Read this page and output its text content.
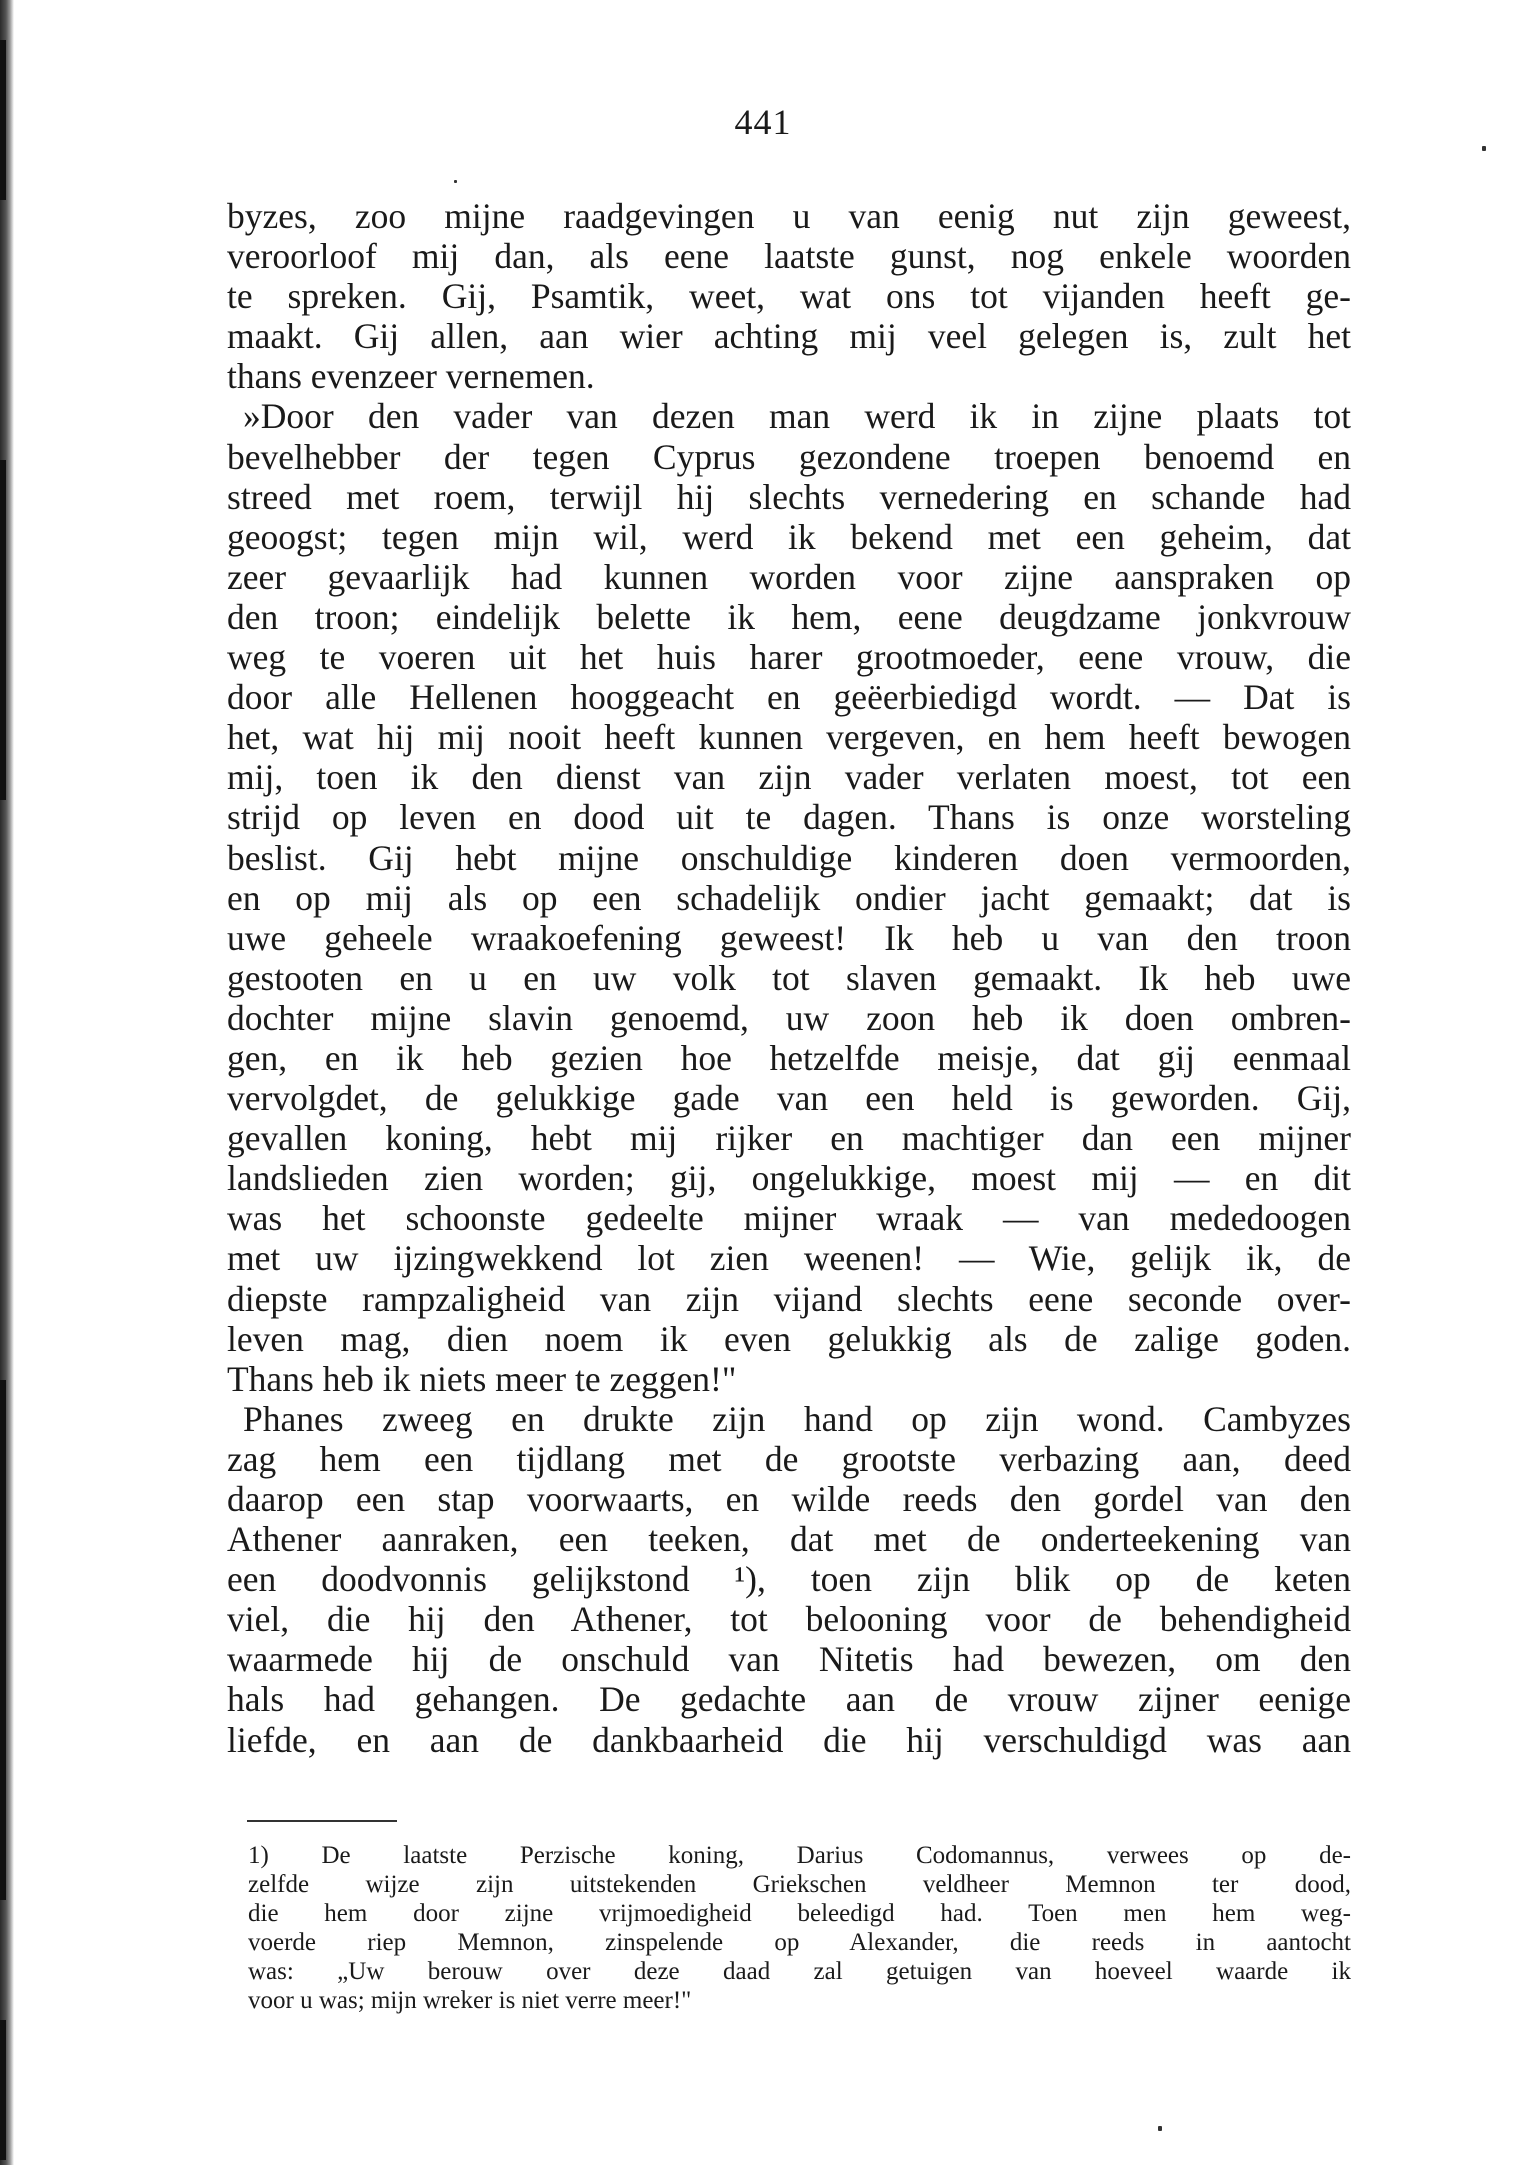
441
byzes, zoo mijne raadgevingen u van eenig nut zijn geweest,
veroorloof mij dan, als eene laatste gunst, nog enkele woorden
te spreken. Gij, Psamtik, weet, wat ons tot vijanden heeft ge-
maakt. Gij allen, aan wier achting mij veel gelegen is, zult het
thans evenzeer vernemen.
»Door den vader van dezen man werd ik in zijne plaats tot
bevelhebber der tegen Cyprus gezondene troepen benoemd en
streed met roem, terwijl hij slechts vernedering en schande had
geoogst; tegen mijn wil, werd ik bekend met een geheim, dat
zeer gevaarlijk had kunnen worden voor zijne aanspraken op
den troon; eindelijk belette ik hem, eene deugdzame jonkvrouw
weg te voeren uit het huis harer grootmoeder, eene vrouw, die
door alle Hellenen hooggeacht en geëerbiedigd wordt. — Dat is
het, wat hij mij nooit heeft kunnen vergeven, en hem heeft bewogen
mij, toen ik den dienst van zijn vader verlaten moest, tot een
strijd op leven en dood uit te dagen. Thans is onze worsteling
beslist. Gij hebt mijne onschuldige kinderen doen vermoorden,
en op mij als op een schadelijk ondier jacht gemaakt; dat is
uwe geheele wraakoefening geweest! Ik heb u van den troon
gestooten en u en uw volk tot slaven gemaakt. Ik heb uwe
dochter mijne slavin genoemd, uw zoon heb ik doen ombren-
gen, en ik heb gezien hoe hetzelfde meisje, dat gij eenmaal
vervolgdet, de gelukkige gade van een held is geworden. Gij,
gevallen koning, hebt mij rijker en machtiger dan een mijner
landslieden zien worden; gij, ongelukkige, moest mij — en dit
was het schoonste gedeelte mijner wraak — van mededoogen
met uw ijzingwekkend lot zien weenen! — Wie, gelijk ik, de
diepste rampzaligheid van zijn vijand slechts eene seconde over-
leven mag, dien noem ik even gelukkig als de zalige goden.
Thans heb ik niets meer te zeggen!"
Phanes zweeg en drukte zijn hand op zijn wond. Cambyzes
zag hem een tijdlang met de grootste verbazing aan, deed
daarop een stap voorwaarts, en wilde reeds den gordel van den
Athener aanraken, een teeken, dat met de onderteekening van
een doodvonnis gelijkstond ¹), toen zijn blik op de keten
viel, die hij den Athener, tot belooning voor de behendigheid
waarmede hij de onschuld van Nitetis had bewezen, om den
hals had gehangen. De gedachte aan de vrouw zijner eenige
liefde, en aan de dankbaarheid die hij verschuldigd was aan
1) De laatste Perzische koning, Darius Codomannus, verwees op de-
zelfde wijze zijn uitstekenden Griekschen veldheer Memnon ter dood,
die hem door zijne vrijmoedigheid beleedigd had. Toen men hem weg-
voerde riep Memnon, zinspelende op Alexander, die reeds in aantocht
was: „Uw berouw over deze daad zal getuigen van hoeveel waarde ik
voor u was; mijn wreker is niet verre meer!"
